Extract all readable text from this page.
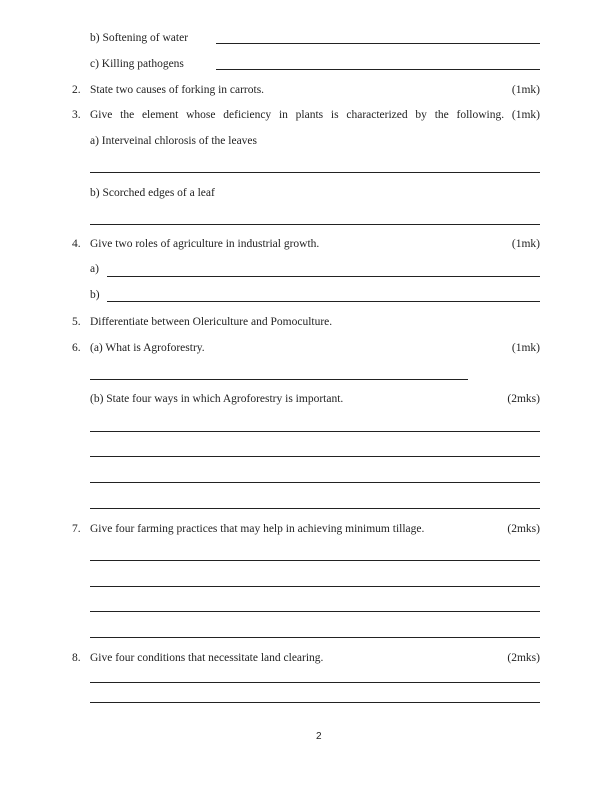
b) Softening of water
c) Killing pathogens
2. State two causes of forking in carrots.	(1mk)
3. Give the element whose deficiency in plants is characterized by the following. (1mk)
a) Interveinal chlorosis of the leaves
b) Scorched edges of a leaf
4. Give two roles of agriculture in industrial growth.	(1mk)
a)
b)
5. Differentiate between Olericulture and Pomoculture.
6. (a) What is Agroforestry.	(1mk)
(b) State four ways in which Agroforestry is important.	(2mks)
7. Give four farming practices that may help in achieving minimum tillage.	(2mks)
8. Give four conditions that necessitate land clearing.	(2mks)
2
